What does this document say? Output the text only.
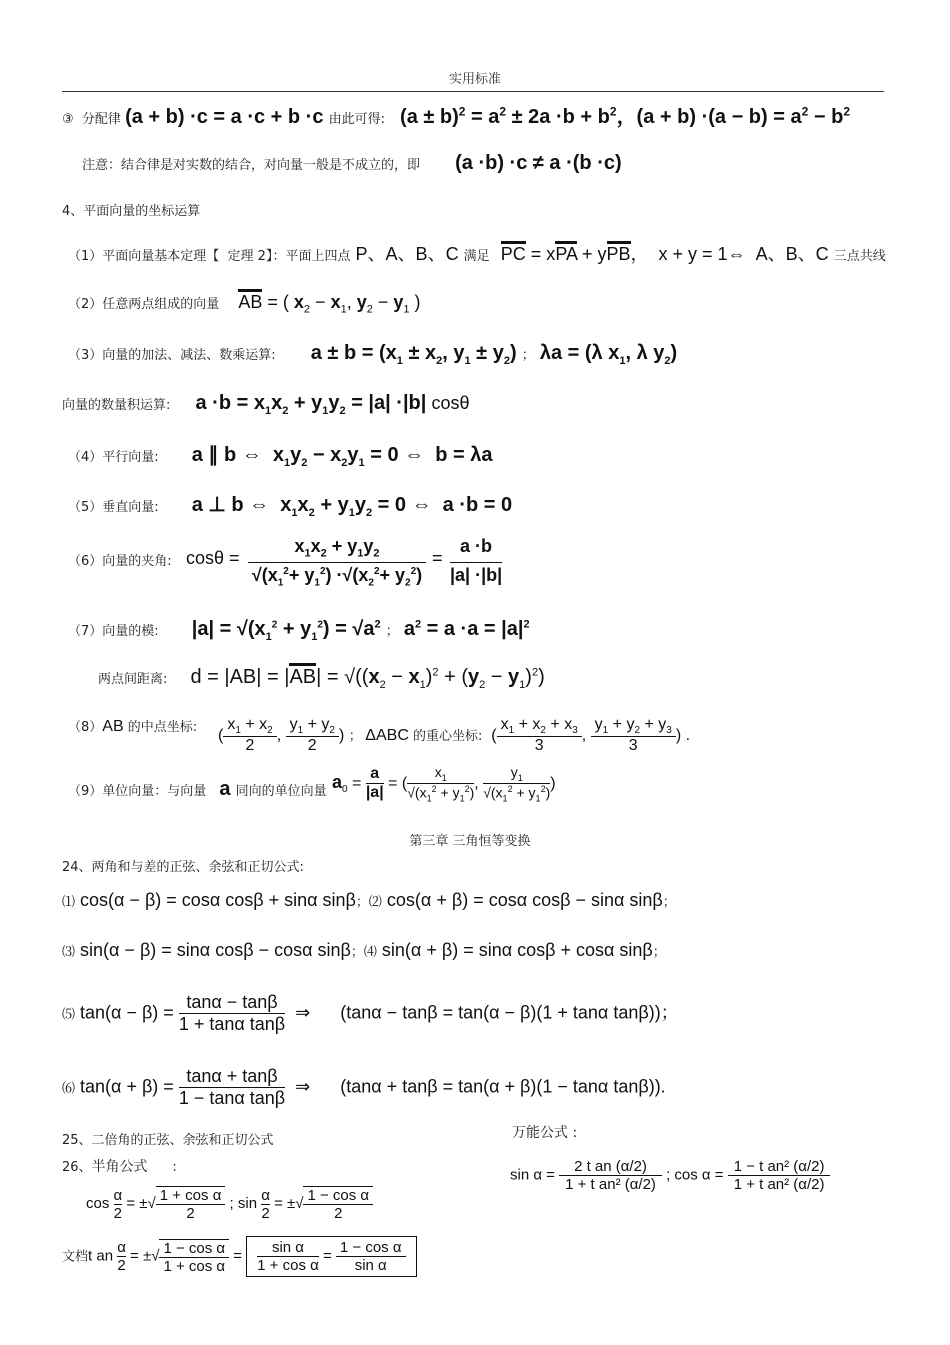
实用标准
③  分配律 (a + b) ·c = a ·c + b ·c 由此可得: $(a \pm b)^2 = a^2 \pm 2a \cdot b + b^2$，$(a + b) \cdot(a - b) = a^2 - b^2$
注意：结合律是对实数的结合，对向量一般是不成立的，即 (a ·b) ·c ≠ a ·(b ·c)
4、平面向量的坐标运算
（1）平面向量基本定理【  定理 2】：平面上四点 P、A、B、C 满足 PC = xPA + yPB，  x + y = 1⇔  A、B、C 三点共线
（2）任意两点组成的向量 AB = ( $x_2 - x_1$, $y_2 - y_1$ )
（3）向量的加法、减法、数乘运算: $a \pm b = (x_1 \pm x_2$, $y_1 \pm y_2$) ； λa = (λ $x_1$, λ $y_2$)
向量的数量积运算: $a \cdot b = x_1x_2 + y_1y_2 = |a| \cdot|b|$ cosθ
（4）平行向量: a ∥ b ⇔  $x_1y_2 - x_2y_1 = 0$ ⇔  b = λa
（5）垂直向量: a ⊥ b ⇔  $x_1x_2 + y_1y_2 = 0$ ⇔  a ·b = 0
（6）向量的夹角: cosθ =
$x_1x_2 + y_1y_2$
$√(x_1^2+ y_1^2) \cdot√(x_2^2+ y_2^2)$
=
a ·b
|a| ·|b|
（7）向量的模: $|a| = √(x_1^2 + y_1^2) = √a^2$ ； $a^2 = a \cdot a = |a|^2$
两点间距离: $d = |AB| = |AB| = √((x_2 - x_1)^2 + (y_2 - y_1)^2)$
（8）AB 的中点坐标: ( $\frac{x_1 + x_2}{2}$ , $\frac{y_1 + y_2}{2}$ ) ； ΔABC 的重心坐标:  ( $\frac{x_1 + x_2 + x_3}{3}$ , $\frac{y_1 + y_2 + y_3}{3}$ ) .
（9）单位向量：与向量 a 同向的单位向量 $a_0 = \frac{a}{|a|}$ = ( $\frac{x_1}{√(x_1^2 + y_1^2)}$ , $\frac{y_1}{√(x_1^2 + y_1^2)}$ )
第三章 三角恒等变换
24、两角和与差的正弦、余弦和正切公式:
⑴ cos(α − β) = cosα cosβ + sinα sinβ；⑵ cos(α + β) = cosα cosβ − sinα sinβ；
⑶ sin(α − β) = sinα cosβ − cosα sinβ；⑷ sin(α + β) = sinα cosβ + cosα sinβ；
⑸ $\tan(\alpha - \beta) = \frac{\tan\alpha - \tan\beta}{\text{1 + tanα tanβ}}$ ⇒      (tanα − tanβ = tan(α − β)(1 + tanα tanβ))；
⑹ $\tan(\alpha + \beta) = \frac{\tan\alpha + \tan\beta}{\text{1 − tanα tanβ}}$ ⇒      (tanα + tanβ = tan(α + β)(1 − tanα tanβ)).
25、二倍角的正弦、余弦和正切公式
26、半角公式      :
万能公式 :
$\cos \frac{\alpha}{2}$ = ±√ $\frac{\text{1 + cos α}}{2}$ ; $\sin \frac{\alpha}{2}$ = ±√ $\frac{\text{1 − cos α}}{2}$
文档t an $\frac{\alpha}{2}$ = ±√ $\frac{\text{1 − cos α}}{\text{1 + cos α}} = \frac{\text{sin α}}{\text{1 + cos α}} = \frac{\text{1 − cos α}}{\text{sin α}}$
$\sin \alpha = \frac{\text{2 t an (α/2)}}{\text{1 + t an² (α/2)}}$ ; $\cos \alpha = \frac{\text{1 − t an² (α/2)}}{\text{1 + t an² (α/2)}}$
